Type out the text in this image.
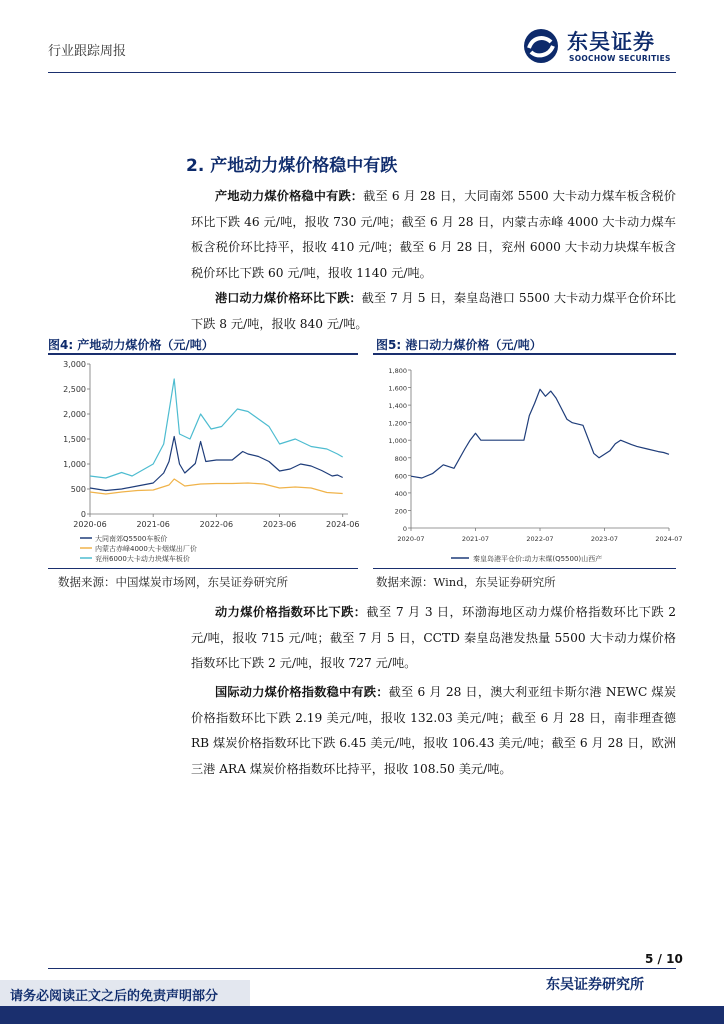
行业跟踪周报	东吴证券
SOOCHOW SECURITIES
2. 产地动力煤价格稳中有跌
产地动力煤价格稳中有跌：截至 6 月 28 日，大同南郊 5500 大卡动力煤车板含税价环比下跌 46 元/吨，报收 730 元/吨；截至 6 月 28 日，内蒙古赤峰 4000 大卡动力煤车板含税价环比持平，报收 410 元/吨；截至 6 月 28 日，兖州 6000 大卡动力块煤车板含税价环比下跌 60 元/吨，报收 1140 元/吨。
港口动力煤价格环比下跌：截至 7 月 5 日，秦皇岛港口 5500 大卡动力煤平仓价环比下跌 8 元/吨，报收 840 元/吨。
图4: 产地动力煤价格（元/吨）
0
500
1,000
1,500
2,000
2,500
3,000
2020-06	2021-06	2022-06	2023-06	2024-06
大同南郊Q5500车板价
内蒙古赤峰4000大卡烟煤出厂价
兖州6000大卡动力块煤车板价
数据来源：中国煤炭市场网，东吴证券研究所
图5: 港口动力煤价格（元/吨）
0
200
400
600
800
1,000
1,200
1,400
1,600
1,800
2020-07	2021-07	2022-07	2023-07	2024-07
秦皇岛港平仓价:动力末煤(Q5500)山西产
数据来源：Wind，东吴证券研究所
动力煤价格指数环比下跌：截至 7 月 3 日，环渤海地区动力煤价格指数环比下跌 2 元/吨，报收 715 元/吨；截至 7 月 5 日，CCTD 秦皇岛港发热量 5500 大卡动力煤价格指数环比下跌 2 元/吨，报收 727 元/吨。
国际动力煤价格指数稳中有跌：截至 6 月 28 日，澳大利亚纽卡斯尔港 NEWC 煤炭价格指数环比下跌 2.19 美元/吨，报收 132.03 美元/吨；截至 6 月 28 日，南非理查德 RB 煤炭价格指数环比下跌 6.45 美元/吨，报收 106.43 美元/吨；截至 6 月 28 日，欧洲三港 ARA 煤炭价格指数环比持平，报收 108.50 美元/吨。
5 / 10
请务必阅读正文之后的免责声明部分
东吴证券研究所
